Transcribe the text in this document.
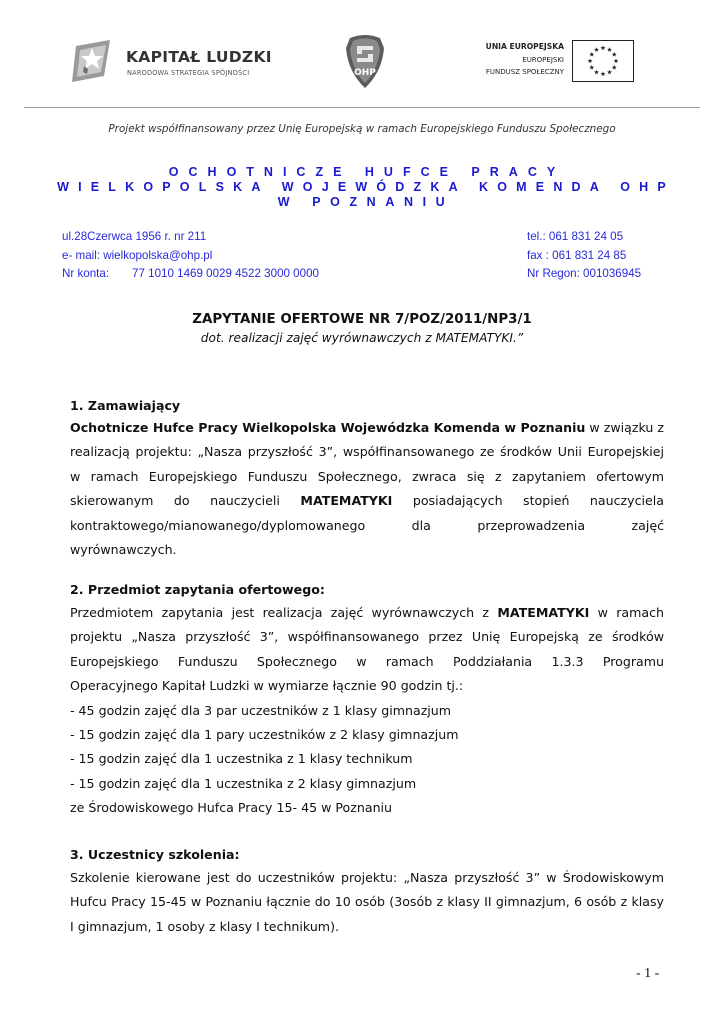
KAPITAŁ LUDZKI
NARODOWA STRATEGIA SPÓJNOŚCI	OHP
UNIA EUROPEJSKA
EUROPEJSKI
FUNDUSZ SPOŁECZNY
Projekt współfinansowany przez Unię Europejską w ramach Europejskiego Funduszu Społecznego
OCHOTNICZE HUFCE PRACY
WIELKOPOLSKA WOJEWÓDZKA KOMENDA OHP
W POZNANIU
ul.28Czerwca 1956 r. nr 211
e- mail: wielkopolska@ohp.pl
Nr konta: 77 1010 1469 0029 4522 3000 0000
tel.: 061 831 24 05
fax : 061 831 24 85
Nr Regon: 001036945
ZAPYTANIE OFERTOWE NR 7/POZ/2011/NP3/1
dot. realizacji zajęć wyrównawczych z MATEMATYKI.”
1. Zamawiający

Ochotnicze Hufce Pracy Wielkopolska Wojewódzka Komenda w Poznaniu w związku z

realizacją projektu: „Nasza przyszłość 3”, współfinansowanego ze środków Unii Europejskiej

w ramach Europejskiego Funduszu Społecznego, zwraca się z zapytaniem ofertowym

skierowanym do nauczycieli MATEMATYKI posiadających stopień nauczyciela

kontraktowego/mianowanego/dyplomowanego dla przeprowadzenia zajęć

wyrównawczych.

2. Przedmiot zapytania ofertowego:

Przedmiotem zapytania jest realizacja zajęć wyrównawczych z MATEMATYKI w ramach

projektu „Nasza przyszłość 3”, współfinansowanego przez Unię Europejską ze środków

Europejskiego Funduszu Społecznego w ramach Poddziałania 1.3.3 Programu

Operacyjnego Kapitał Ludzki w wymiarze łącznie 90 godzin tj.:

- 45 godzin zajęć dla 3 par uczestników z 1 klasy gimnazjum

- 15 godzin zajęć dla 1 pary uczestników z 2 klasy gimnazjum

- 15 godzin zajęć dla 1 uczestnika z 1 klasy technikum

- 15 godzin zajęć dla 1 uczestnika z 2 klasy gimnazjum

ze Środowiskowego Hufca Pracy 15- 45 w Poznaniu

3. Uczestnicy szkolenia:

Szkolenie kierowane jest do uczestników projektu: „Nasza przyszłość 3” w Środowiskowym

Hufcu Pracy 15-45 w Poznaniu łącznie do 10 osób (3osób z klasy II gimnazjum, 6 osób z klasy

I gimnazjum, 1 osoby z klasy I technikum).

- 1 -
